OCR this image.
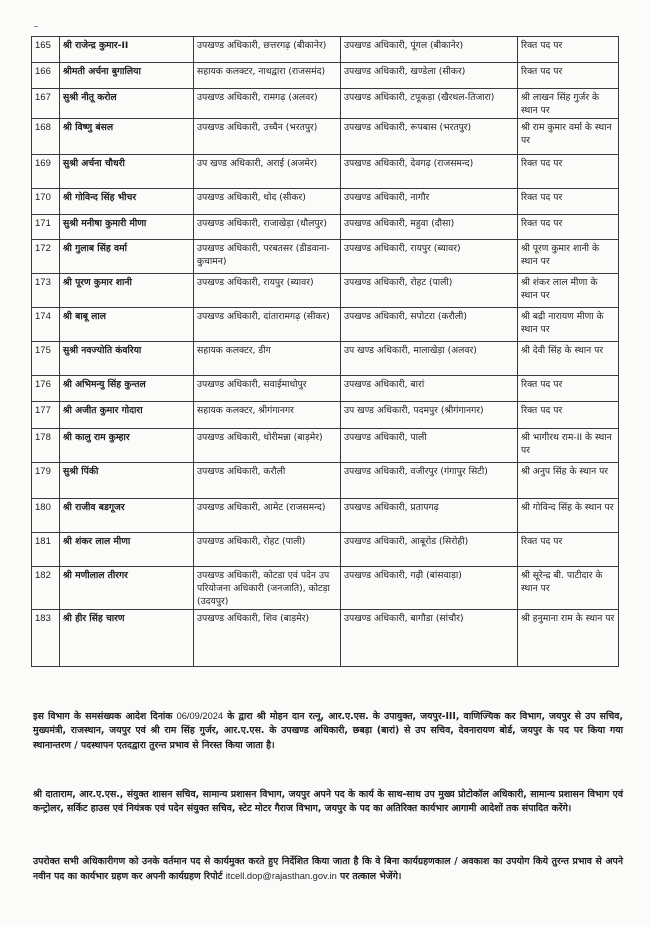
165	श्री राजेन्द्र कुमार-II	उपखण्ड अधिकारी, छत्तरगढ़ (बीकानेर)	उपखण्ड अधिकारी, पूंगल (बीकानेर)	रिक्त पद पर
166	श्रीमती अर्चना बुगालिया	सहायक कलक्टर, नाथद्वारा (राजसमंद)	उपखण्ड अधिकारी, खण्डेला (सीकर)	रिक्त पद पर
167	सुश्री नीतू करोल	उपखण्ड अधिकारी, रामगढ़ (अलवर)	उपखण्ड अधिकारी, टपूकड़ा (खैरथल-तिजारा)	श्री लाखन सिंह गुर्जर के स्थान पर
168	श्री विष्णु बंसल	उपखण्ड अधिकारी, उच्चैन (भरतपुर)	उपखण्ड अधिकारी, रूपबास (भरतपुर)	श्री राम कुमार वर्मा के स्थान पर
169	सुश्री अर्चना चौधरी	उप खण्ड अधिकारी, अराई (अजमेर)	उपखण्ड अधिकारी, देवगढ़ (राजसमन्द)	रिक्त पद पर
170	श्री गोविन्द सिंह भीचर	उपखण्ड अधिकारी, धोद (सीकर)	उपखण्ड अधिकारी, नागौर	रिक्त पद पर
171	सुश्री मनीषा कुमारी मीणा	उपखण्ड अधिकारी, राजाखेड़ा (धौलपुर)	उपखण्ड अधिकारी, महुवा (दौसा)	रिक्त पद पर
172	श्री गुलाब सिंह वर्मा	उपखण्ड अधिकारी, परबतसर (डीडवाना-कुचामन)	उपखण्ड अधिकारी, रायपुर (ब्यावर)	श्री पूरण कुमार शानी के स्थान पर
173	श्री पूरण कुमार शानी	उपखण्ड अधिकारी, रायपुर (ब्यावर)	उपखण्ड अधिकारी, रोहट (पाली)	श्री शंकर लाल मीणा के स्थान पर
174	श्री बाबू लाल	उपखण्ड अधिकारी, दांतारामगढ़ (सीकर)	उपखण्ड अधिकारी, सपोटरा (करौली)	श्री बद्री नारायण मीणा के स्थान पर
175	सुश्री नवज्योति कंवरिया	सहायक कलक्टर, डीग	उप खण्ड अधिकारी, मालाखेड़ा (अलवर)	श्री देवी सिंह के स्थान पर
176	श्री अभिमन्यु सिंह कुन्तल	उपखण्ड अधिकारी, सवाईमाधोपुर	उपखण्ड अधिकारी, बारां	रिक्त पद पर
177	श्री अजीत कुमार गोदारा	सहायक कलक्टर, श्रीगंगानगर	उप खण्ड अधिकारी, पदमपुर (श्रीगंगानगर)	रिक्त पद पर
178	श्री कालु राम कुम्हार	उपखण्ड अधिकारी, धोरीमन्ना (बाड़मेर)	उपखण्ड अधिकारी, पाली	श्री भागीरथ राम-II के स्थान पर
179	सुश्री पिंकी	उपखण्ड अधिकारी, करौली	उपखण्ड अधिकारी, वजीरपुर (गंगापुर सिटी)	श्री अनुप सिंह के स्थान पर
180	श्री राजीव बडगूजर	उपखण्ड अधिकारी, आमेट (राजसमन्द)	उपखण्ड अधिकारी, प्रतापगढ़	श्री गोविन्द सिंह के स्थान पर
181	श्री शंकर लाल मीणा	उपखण्ड अधिकारी, रोहट (पाली)	उपखण्ड अधिकारी, आबूरोड (सिरोही)	रिक्त पद पर
182	श्री मणीलाल तीरगर	उपखण्ड अधिकारी, कोटडा एवं पदेन उप परियोजना अधिकारी (जनजाति), कोटड़ा (उदयपुर)	उपखण्ड अधिकारी, गढ़ी (बांसवाड़ा)	श्री सूरेन्द्र बी. पाटीदार के स्थान पर
183	श्री हीर सिंह चारण	उपखण्ड अधिकारी, शिव (बाड़मेर)	उपखण्ड अधिकारी, बागौडा (सांचौर)	श्री हनुमाना राम के स्थान पर
इस विभाग के समसंख्यक आदेश दिनांक 06/09/2024 के द्वारा श्री मोहन दान रत्नू, आर.ए.एस. के उपायुक्त, जयपुर-III, वाणिज्यिक कर विभाग, जयपुर से उप सचिव, मुख्यमंत्री, राजस्थान, जयपुर एवं श्री राम सिंह गुर्जर, आर.ए.एस. के उपखण्ड अधिकारी, छबड़ा (बारां) से उप सचिव, देवनारायण बोर्ड, जयपुर के पद पर किया गया स्थानान्तरण / पदस्थापन एतदद्वारा तुरन्त प्रभाव से निरस्त किया जाता है।
श्री दाताराम, आर.ए.एस., संयुक्त शासन सचिव, सामान्य प्रशासन विभाग, जयपुर अपने पद के कार्य के साथ-साथ उप मुख्य प्रोटोकॉल अधिकारी, सामान्य प्रशासन विभाग एवं कन्ट्रोलर, सर्किट हाउस एवं नियंत्रक एवं पदेन संयुक्त सचिव, स्टेट मोटर गैराज विभाग, जयपुर के पद का अतिरिक्त कार्यभार आगामी आदेशों तक संपादित करेंगे।
उपरोक्त सभी अधिकारीगण को उनके वर्तमान पद से कार्यमुक्त करते हुए निर्देशित किया जाता है कि वे बिना कार्यग्रहणकाल / अवकाश का उपयोग किये तुरन्त प्रभाव से अपने नवीन पद का कार्यभार ग्रहण कर अपनी कार्यग्रहण रिपोर्ट itcell.dop@rajasthan.gov.in पर तत्काल भेजेंगे।
